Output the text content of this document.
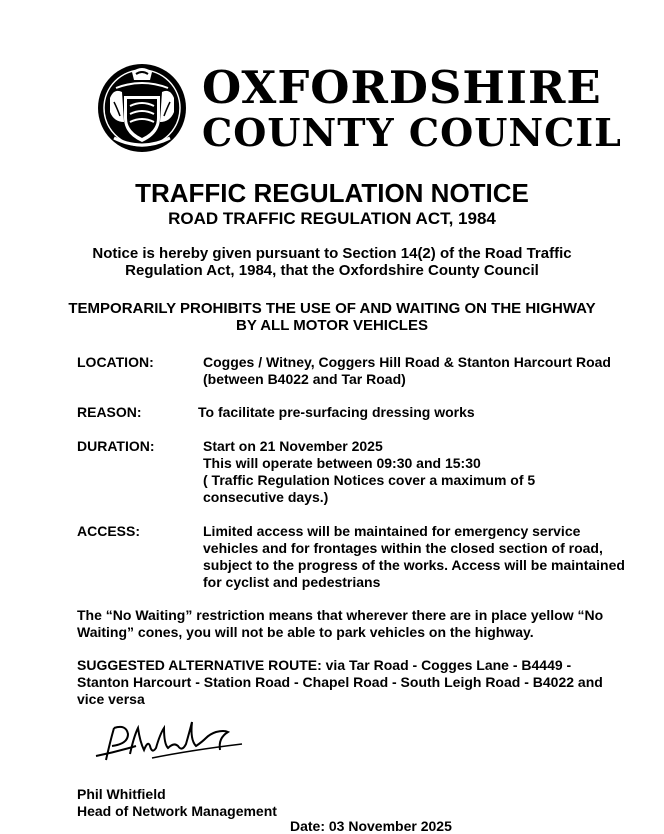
OXFORDSHIRE
COUNTY COUNCIL
TRAFFIC REGULATION NOTICE
ROAD TRAFFIC REGULATION ACT, 1984
Notice is hereby given pursuant to Section 14(2) of the Road Traffic
Regulation Act, 1984, that the Oxfordshire County Council
TEMPORARILY PROHIBITS THE USE OF AND WAITING ON THE HIGHWAY
BY ALL MOTOR VEHICLES
LOCATION:	Cogges / Witney, Coggers Hill Road & Stanton Harcourt Road (between B4022 and Tar Road)
REASON:	To facilitate pre-surfacing dressing works
DURATION:	Start on 21 November 2025

This will operate between 09:30 and 15:30

( Traffic Regulation Notices cover a maximum of 5 consecutive days.)

ACCESS:	Limited access will be maintained for emergency service vehicles and for frontages within the closed section of road, subject to the progress of the works. Access will be maintained for cyclist and pedestrians
The “No Waiting” restriction means that wherever there are in place yellow “No Waiting” cones, you will not be able to park vehicles on the highway.
SUGGESTED ALTERNATIVE ROUTE: via Tar Road - Cogges Lane - B4449 - Stanton Harcourt - Station Road - Chapel Road - South Leigh Road - B4022 and vice versa
Phil Whitfield
Head of Network Management
Date: 03 November 2025
